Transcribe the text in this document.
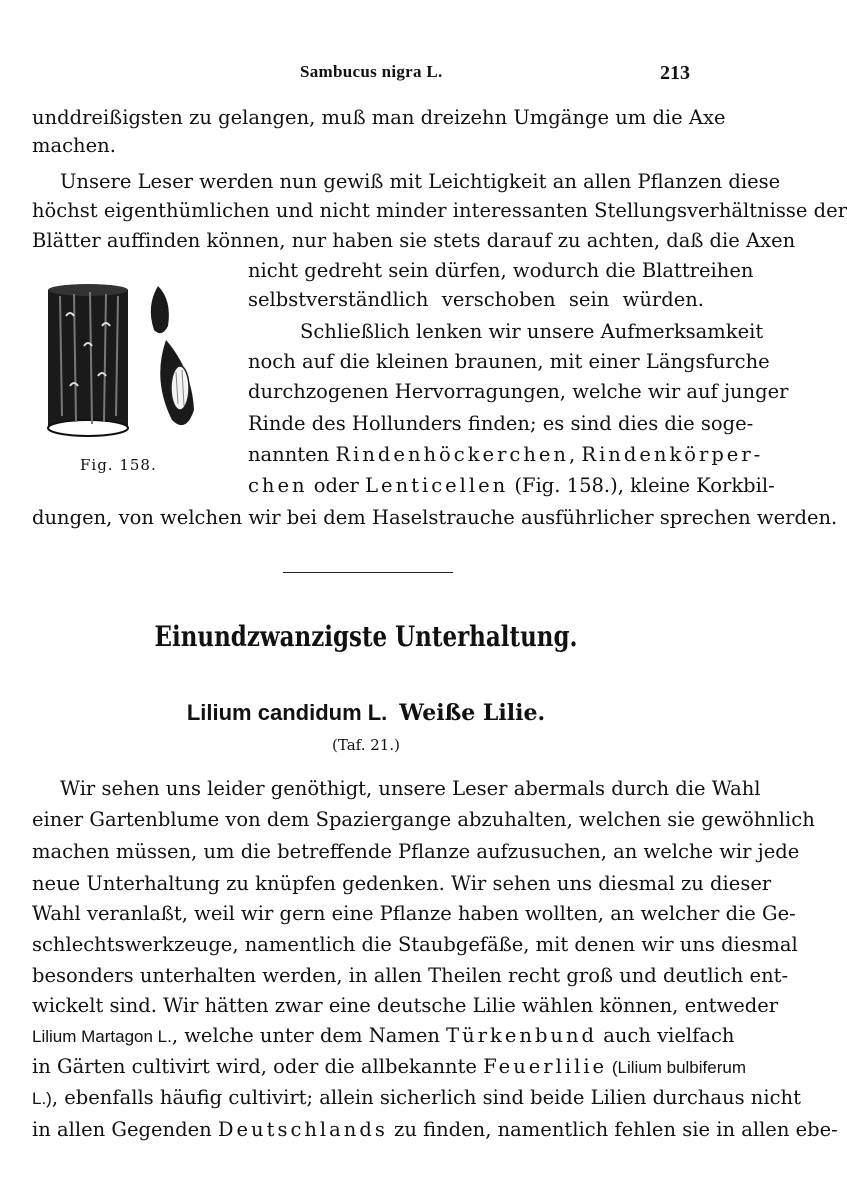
Sambucus nigra L.	213
unddreißigsten zu gelangen, muß man dreizehn Umgänge um die Axe
machen.
Unsere Leser werden nun gewiß mit Leichtigkeit an allen Pflanzen diese
höchst eigenthümlichen und nicht minder interessanten Stellungsverhältnisse der
Blätter auffinden können, nur haben sie stets darauf zu achten, daß die Axen
Fig. 158.
nicht gedreht sein dürfen, wodurch die Blattreihen
selbstverständlich verschoben sein würden.
Schließlich lenken wir unsere Aufmerksamkeit
noch auf die kleinen braunen, mit einer Längsfurche
durchzogenen Hervorragungen, welche wir auf junger
Rinde des Hollunders finden; es sind dies die soge-
nannten Rindenhöckerchen, Rindenkörper-
chen oder Lenticellen (Fig. 158.), kleine Korkbil-
dungen, von welchen wir bei dem Haselstrauche ausführlicher sprechen werden.
Einundzwanzigste Unterhaltung.
Lilium candidum L. Weiße Lilie.
(Taf. 21.)
Wir sehen uns leider genöthigt, unsere Leser abermals durch die Wahl
einer Gartenblume von dem Spaziergange abzuhalten, welchen sie gewöhnlich
machen müssen, um die betreffende Pflanze aufzusuchen, an welche wir jede
neue Unterhaltung zu knüpfen gedenken. Wir sehen uns diesmal zu dieser
Wahl veranlaßt, weil wir gern eine Pflanze haben wollten, an welcher die Ge-
schlechtswerkzeuge, namentlich die Staubgefäße, mit denen wir uns diesmal
besonders unterhalten werden, in allen Theilen recht groß und deutlich ent-
wickelt sind. Wir hätten zwar eine deutsche Lilie wählen können, entweder
Lilium Martagon L., welche unter dem Namen Türkenbund auch vielfach
in Gärten cultivirt wird, oder die allbekannte Feuerlilie (Lilium bulbiferum
L.), ebenfalls häufig cultivirt; allein sicherlich sind beide Lilien durchaus nicht
in allen Gegenden Deutschlands zu finden, namentlich fehlen sie in allen ebe-
